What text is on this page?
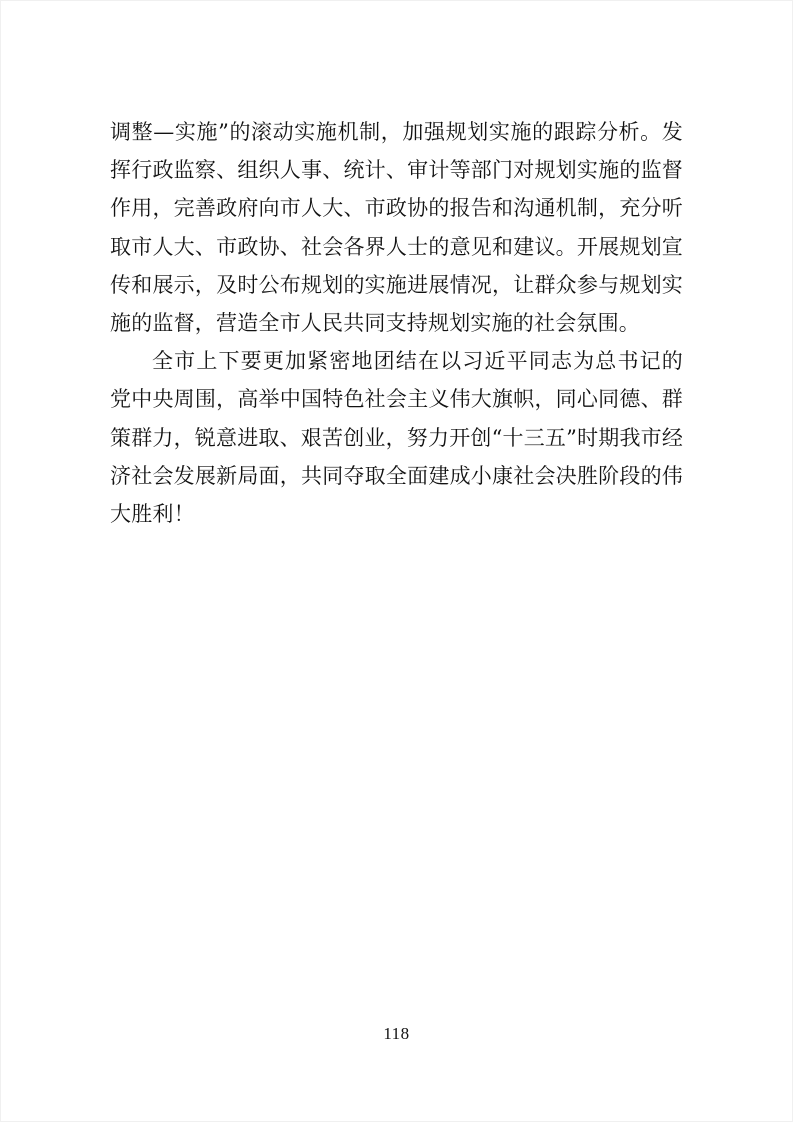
调整—实施”的滚动实施机制，加强规划实施的跟踪分析。发
挥行政监察、组织人事、统计、审计等部门对规划实施的监督
作用，完善政府向市人大、市政协的报告和沟通机制，充分听
取市人大、市政协、社会各界人士的意见和建议。开展规划宣
传和展示，及时公布规划的实施进展情况，让群众参与规划实
施的监督，营造全市人民共同支持规划实施的社会氛围。
全市上下要更加紧密地团结在以习近平同志为总书记的
党中央周围，高举中国特色社会主义伟大旗帜，同心同德、群
策群力，锐意进取、艰苦创业，努力开创“十三五”时期我市经
济社会发展新局面，共同夺取全面建成小康社会决胜阶段的伟
大胜利！
118
